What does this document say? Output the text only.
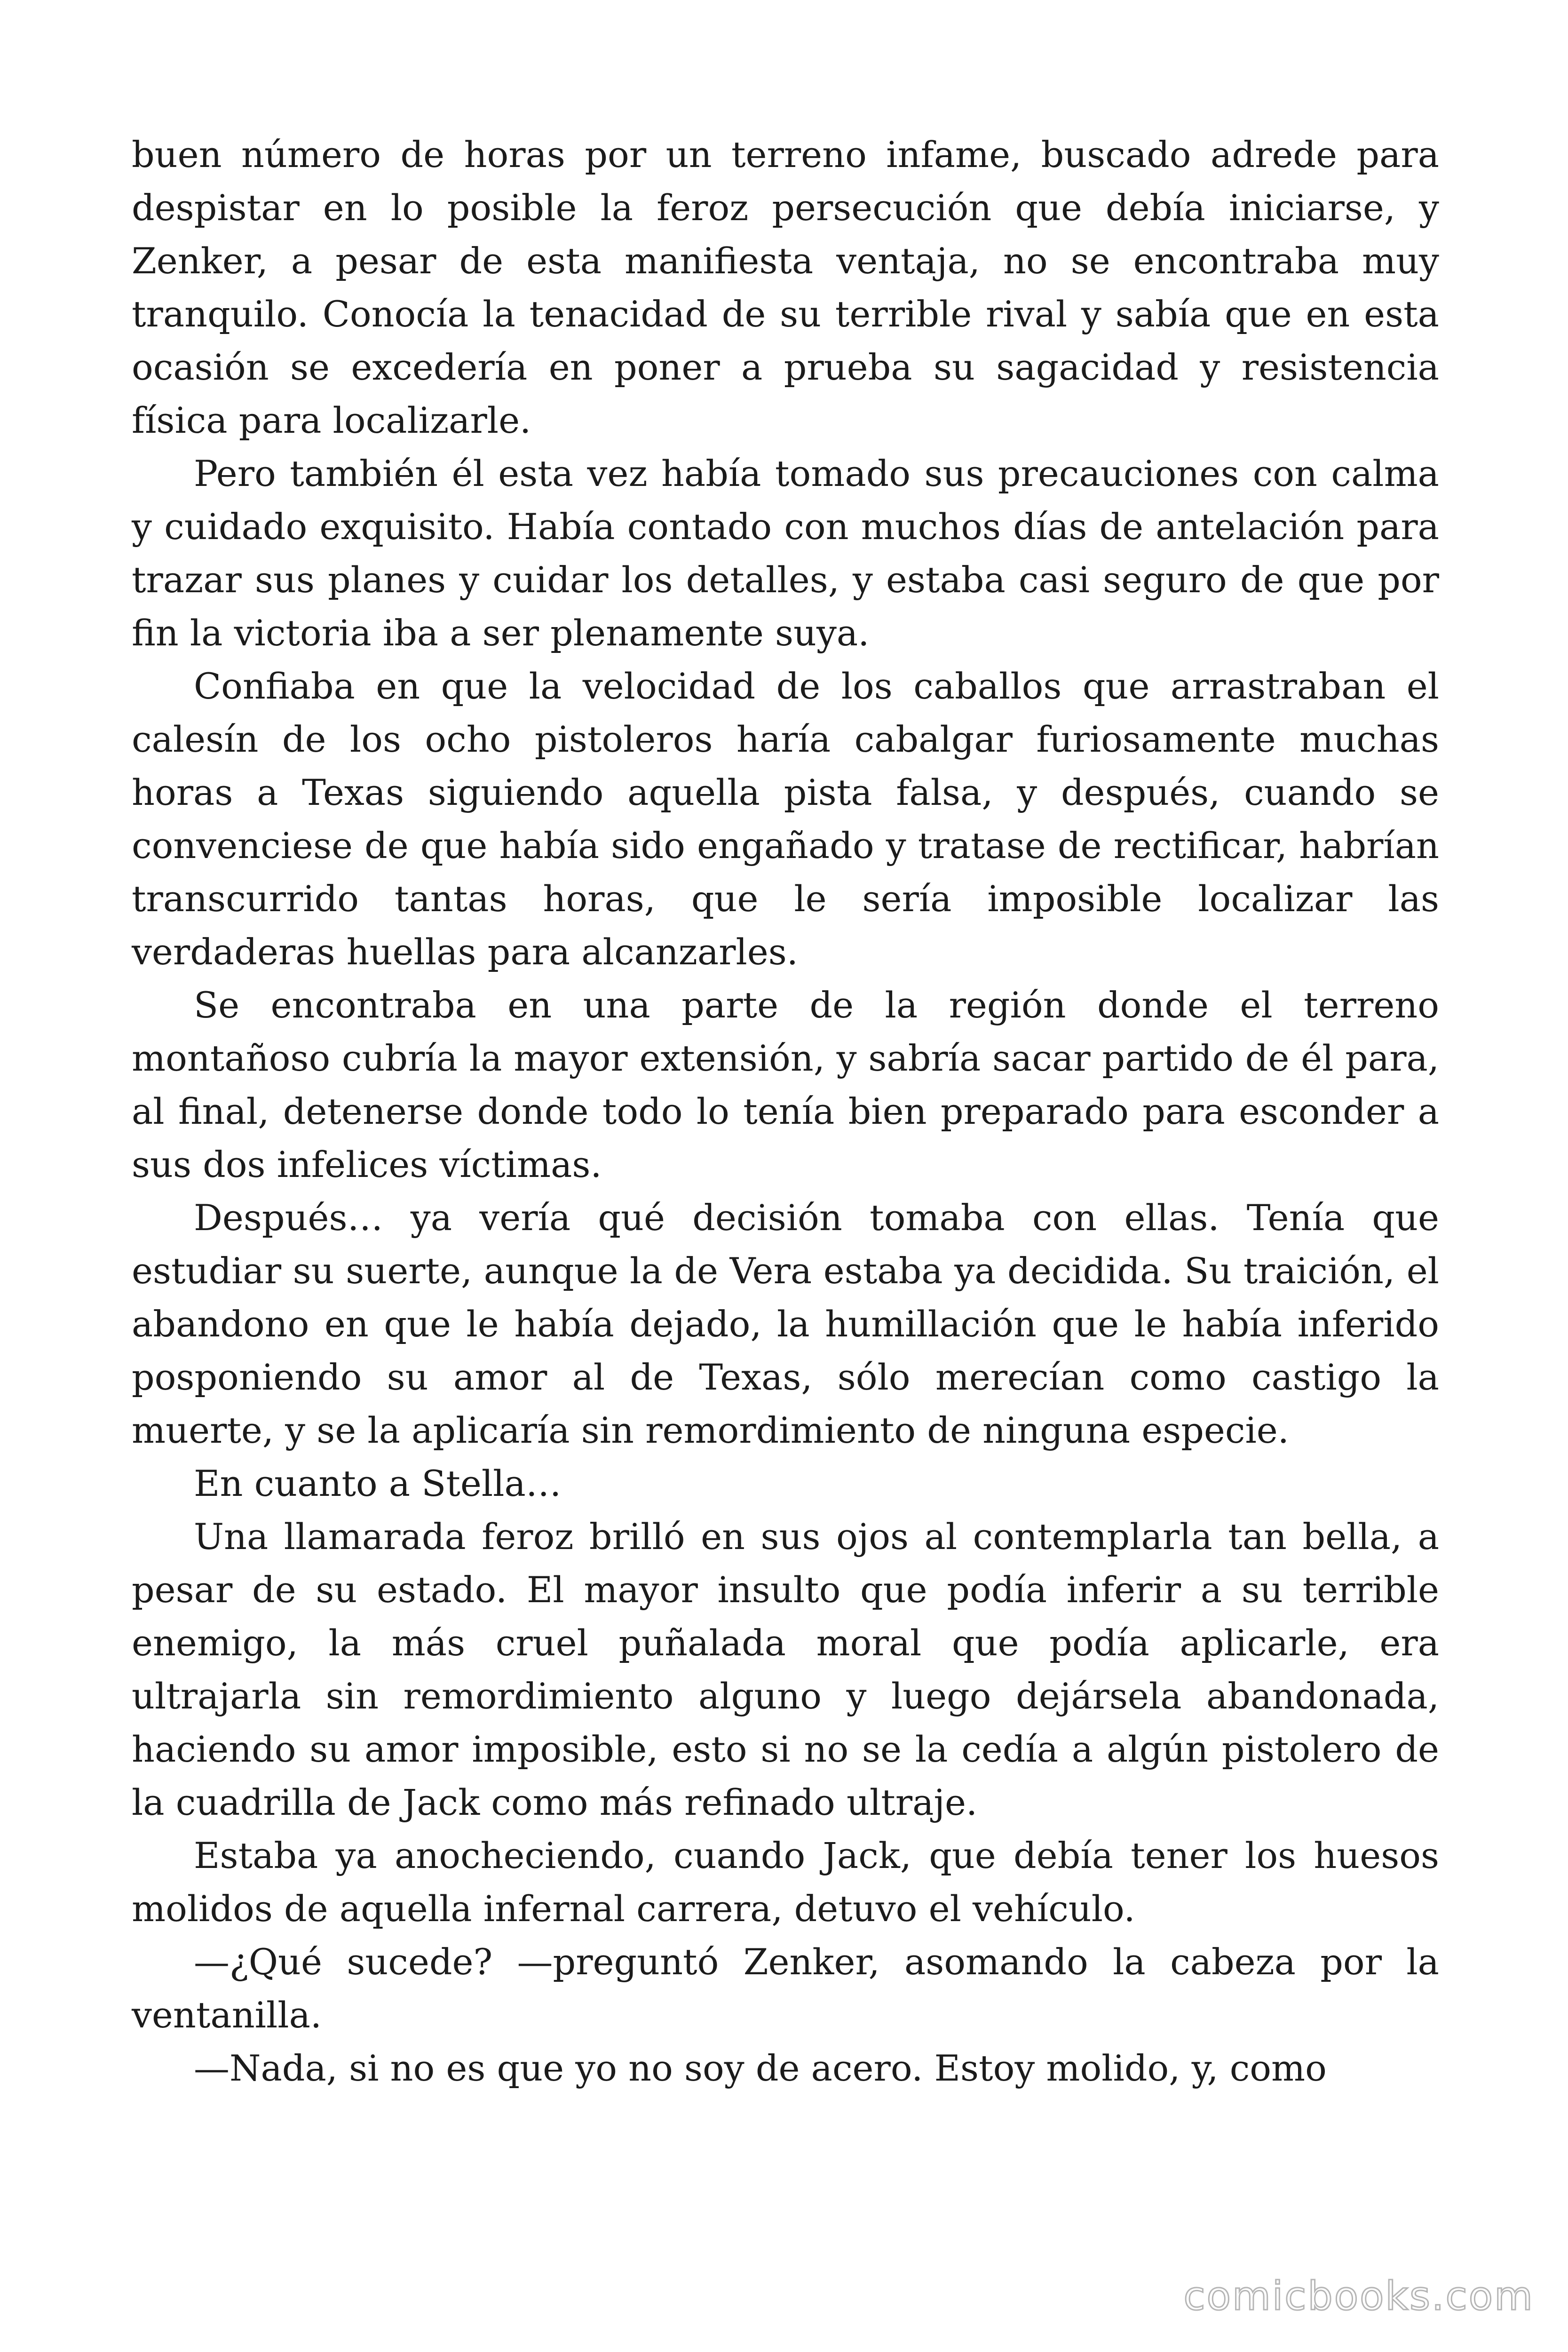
buen número de horas por un terreno infame, buscado adrede para despistar en lo posible la feroz persecución que debía iniciarse, y Zenker, a pesar de esta manifiesta ventaja, no se encontraba muy tranquilo. Conocía la tenacidad de su terrible rival y sabía que en esta ocasión se excedería en poner a prueba su sagacidad y resistencia física para localizarle.

Pero también él esta vez había tomado sus precauciones con calma y cuidado exquisito. Había contado con muchos días de antelación para trazar sus planes y cuidar los detalles, y estaba casi seguro de que por fin la victoria iba a ser plenamente suya.

Confiaba en que la velocidad de los caballos que arrastraban el calesín de los ocho pistoleros haría cabalgar furiosamente muchas horas a Texas siguiendo aquella pista falsa, y después, cuando se convenciese de que había sido engañado y tratase de rectificar, habrían transcurrido tantas horas, que le sería imposible localizar las verdaderas huellas para alcanzarles.

Se encontraba en una parte de la región donde el terreno montañoso cubría la mayor extensión, y sabría sacar partido de él para, al final, detenerse donde todo lo tenía bien preparado para esconder a sus dos infelices víctimas.

Después… ya vería qué decisión tomaba con ellas. Tenía que estudiar su suerte, aunque la de Vera estaba ya decidida. Su traición, el abandono en que le había dejado, la humillación que le había inferido posponiendo su amor al de Texas, sólo merecían como castigo la muerte, y se la aplicaría sin remordimiento de ninguna especie.

En cuanto a Stella…

Una llamarada feroz brilló en sus ojos al contemplarla tan bella, a pesar de su estado. El mayor insulto que podía inferir a su terrible enemigo, la más cruel puñalada moral que podía aplicarle, era ultrajarla sin remordimiento alguno y luego dejársela abandonada, haciendo su amor imposible, esto si no se la cedía a algún pistolero de la cuadrilla de Jack como más refinado ultraje.

Estaba ya anocheciendo, cuando Jack, que debía tener los huesos molidos de aquella infernal carrera, detuvo el vehículo.

—¿Qué sucede? —preguntó Zenker, asomando la cabeza por la ventanilla.

—Nada, si no es que yo no soy de acero. Estoy molido, y, como

comicbooks.com
